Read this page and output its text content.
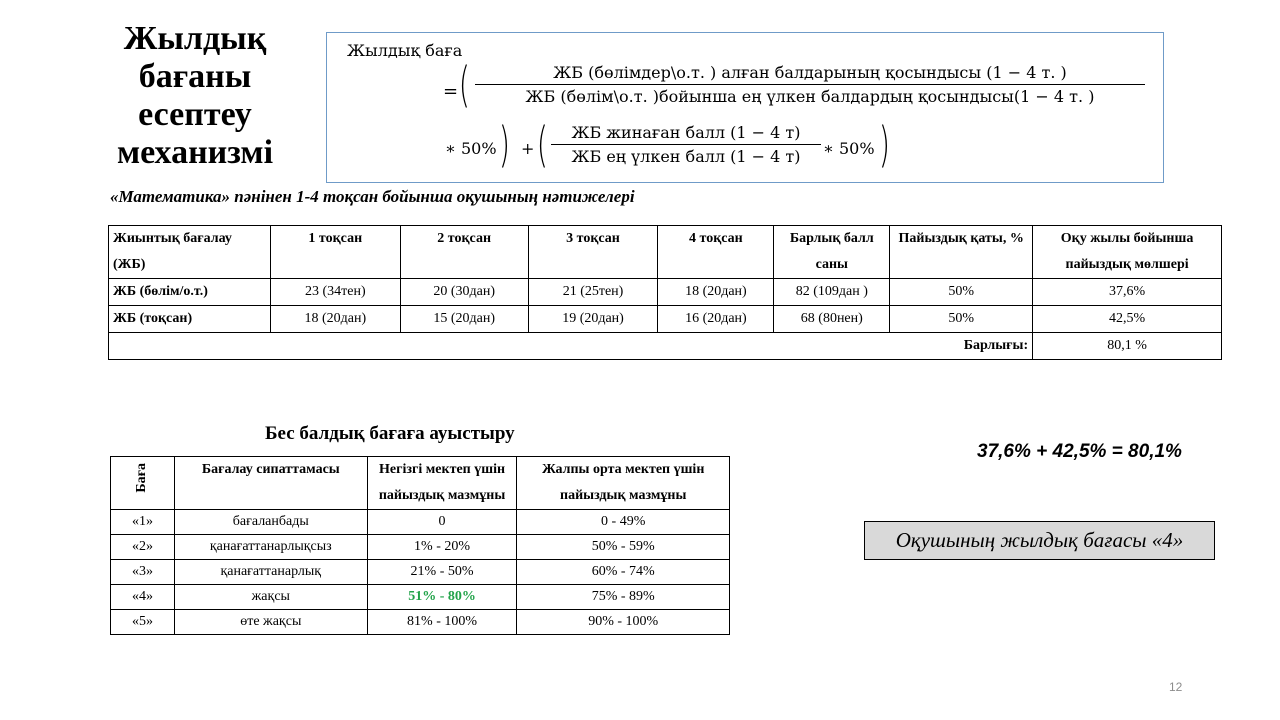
Жылдық бағаны есептеу механизмі
Жылдық баға
= (	ЖБ (бөлімдер\о.т. ) алған балдарының қосындысы (1 − 4 т. )
ЖБ (бөлім\о.т. )бойынша ең үлкен балдардың қосындысы(1 − 4 т. )
∗ 50% ) + (	ЖБ жинаған балл (1 − 4 т)
ЖБ ең үлкен балл (1 − 4 т)	∗ 50% )
«Математика» пәнінен 1-4 тоқсан бойынша оқушының нәтижелері
Жиынтық бағалау (ЖБ)	1 тоқсан	2 тоқсан	3 тоқсан	4 тоқсан	Барлық балл саны	Пайыздық қаты, %	Оқу жылы бойынша пайыздық мөлшері
ЖБ (бөлім/о.т.)	23 (34тен)	20 (30дан)	21 (25тен)	18 (20дан)	82 (109дан )	50%	37,6%
ЖБ (тоқсан)	18 (20дан)	15 (20дан)	19 (20дан)	16 (20дан)	68 (80нен)	50%	42,5%
Барлығы:							80,1 %
Бес балдық бағаға ауыстыру
Баға	Бағалау сипаттамасы	Негізгі мектеп үшін пайыздық мазмұны	Жалпы орта мектеп үшін пайыздық мазмұны
«1»	бағаланбады	0	0 - 49%
«2»	қанағаттанарлықсыз	1% - 20%	50% - 59%
«3»	қанағаттанарлық	21% - 50%	60% - 74%
«4»	жақсы	51% - 80%	75% - 89%
«5»	өте жақсы	81% - 100%	90% - 100%
37,6% + 42,5% = 80,1%
Оқушының жылдық бағасы «4»
12
